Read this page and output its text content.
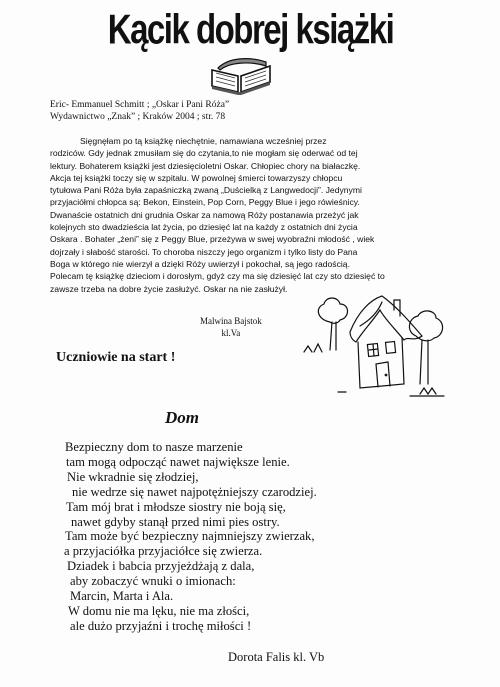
Kącik dobrej książki
Eric- Emmanuel Schmitt ; „Oskar i Pani Róża”
Wydawnictwo „Znak” ; Kraków 2004 ; str. 78

Sięgnęłam po tą książkę niechętnie, namawiana wcześniej przez

rodziców. Gdy jednak zmusiłam się do czytania,to nie mogłam się oderwać od tej
lektury. Bohaterem książki jest dziesięcioletni Oskar. Chłopiec chory na białaczkę.
Akcja tej książki toczy się w szpitalu. W powolnej śmierci towarzyszy chłopcu
tytułowa Pani Róża była zapaśniczką zwaną „Duścielką z Langwedocji”. Jedynymi
przyjaciółmi chłopca są: Bekon, Einstein, Pop Corn, Peggy Blue i jego rówieśnicy.
Dwanaście ostatnich dni grudnia Oskar za namową Róży postanawia przeżyć jak
kolejnych sto dwadzieścia lat życia, po dziesięć lat na każdy z ostatnich dni życia
Oskara . Bohater „żeni” się z Peggy Blue, przeżywa w swej wyobraźni młodość , wiek
dojrzały i słabość starości. To choroba niszczy jego organizm i tylko listy do Pana
Boga w którego nie wierzył a dzięki Róży uwierzył i pokochał, są jego radością.
Polecam tę książkę dzieciom i dorosłym, gdyż czy ma się dziesięć lat czy sto dziesięć to
zawsze trzeba na dobre życie zasłużyć. Oskar na nie zasłużył.
Malwina Bajstok
kl.Va
Uczniowie na start !
Dom
Bezpieczny dom to nasze marzenie
tam mogą odpocząć nawet największe lenie.
Nie wkradnie się złodziej,
nie wedrze się nawet najpotężniejszy czarodziej.
Tam mój brat i młodsze siostry nie boją się,
nawet gdyby stanął przed nimi pies ostry.
Tam może być bezpieczny najmniejszy zwierzak,
a przyjaciółka przyjaciółce się zwierza.
Dziadek i babcia przyjeżdżają z dala,
aby zobaczyć wnuki o imionach:
Marcin, Marta i Ala.
W domu nie ma lęku, nie ma złości,
ale dużo przyjaźni i trochę miłości !
Dorota Falis kl. Vb
